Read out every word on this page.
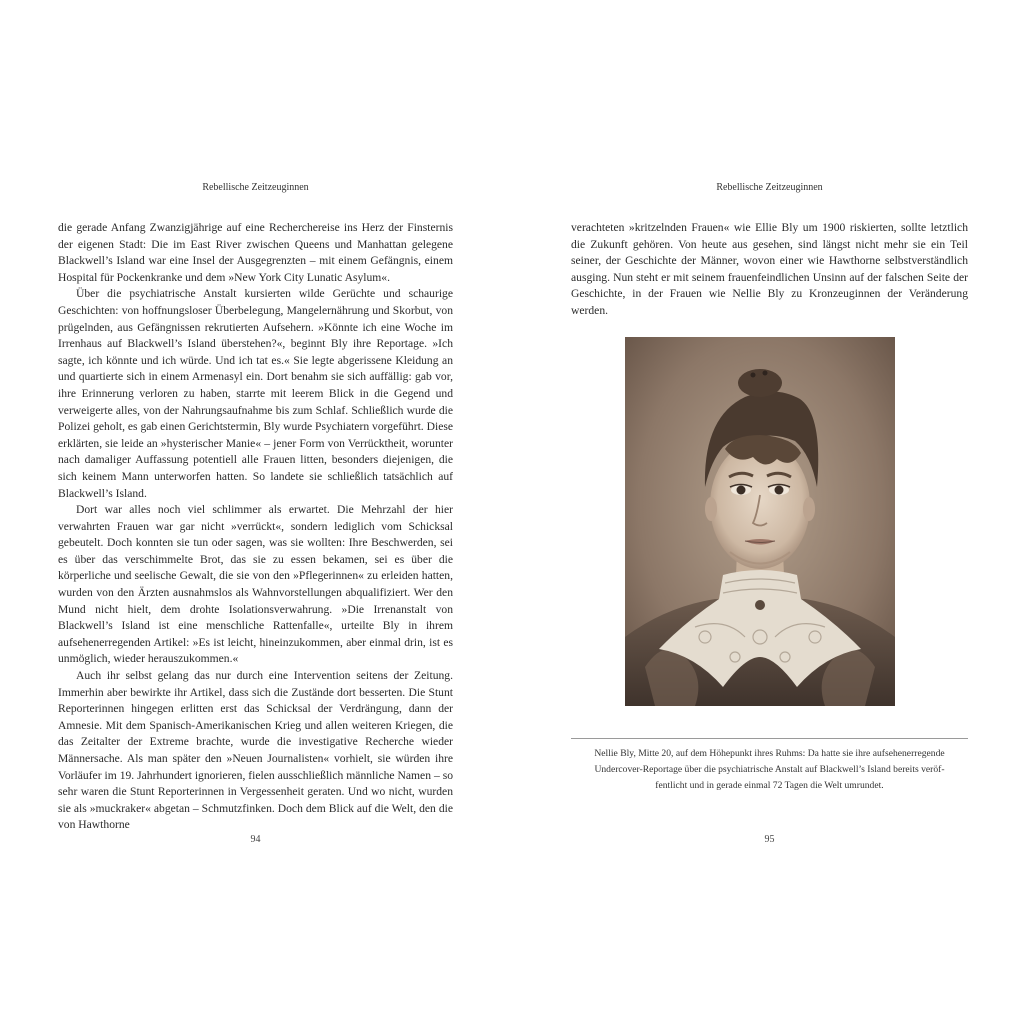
Rebellische Zeitzeuginnen

die gerade Anfang Zwanzigjährige auf eine Recherchereise ins Herz der Finsternis der eigenen Stadt: Die im East River zwischen Queens und Manhattan gelegene Blackwell’s Island war eine Insel der Ausgegrenzten – mit einem Gefängnis, einem Hospital für Pockenkranke und dem »New York City Lunatic Asylum«.

Über die psychiatrische Anstalt kursierten wilde Gerüchte und schaurige Geschichten: von hoffnungsloser Überbelegung, Mangelernährung und Skorbut, von prügelnden, aus Gefängnissen rekrutierten Aufsehern. »Könnte ich eine Woche im Irrenhaus auf Blackwell’s Island überstehen?«, beginnt Bly ihre Reportage. »Ich sagte, ich könnte und ich würde. Und ich tat es.« Sie legte abgerissene Kleidung an und quartierte sich in einem Armenasyl ein. Dort benahm sie sich auffällig: gab vor, ihre Erinnerung verloren zu haben, starrte mit leerem Blick in die Gegend und verweigerte alles, von der Nahrungsaufnahme bis zum Schlaf. Schließlich wurde die Polizei geholt, es gab einen Gerichtstermin, Bly wurde Psychiatern vorgeführt. Diese erklärten, sie leide an »hysterischer Manie« – jener Form von Verrücktheit, worunter nach damaliger Auffassung potentiell alle Frauen litten, besonders diejenigen, die sich keinem Mann unterworfen hatten. So landete sie schließlich tatsächlich auf Blackwell’s Island.

Dort war alles noch viel schlimmer als erwartet. Die Mehrzahl der hier verwahrten Frauen war gar nicht »verrückt«, sondern lediglich vom Schicksal gebeutelt. Doch konnten sie tun oder sagen, was sie wollten: Ihre Beschwerden, sei es über das verschimmelte Brot, das sie zu essen bekamen, sei es über die körperliche und seelische Gewalt, die sie von den »Pflegerinnen« zu erleiden hatten, wurden von den Ärzten ausnahmslos als Wahnvorstellungen abqualifiziert. Wer den Mund nicht hielt, dem drohte Isolationsverwahrung. »Die Irrenanstalt von Blackwell’s Island ist eine menschliche Rattenfalle«, urteilte Bly in ihrem aufsehenerregenden Artikel: »Es ist leicht, hineinzukommen, aber einmal drin, ist es unmöglich, wieder herauszukommen.«

Auch ihr selbst gelang das nur durch eine Intervention seitens der Zeitung. Immerhin aber bewirkte ihr Artikel, dass sich die Zustände dort besserten. Die Stunt Reporterinnen hingegen erlitten erst das Schicksal der Verdrängung, dann der Amnesie. Mit dem Spanisch-Amerikanischen Krieg und allen weiteren Kriegen, die das Zeitalter der Extreme brachte, wurde die investigative Recherche wieder Männersache. Als man später den »Neuen Journalisten« vorhielt, sie würden ihre Vorläufer im 19. Jahrhundert ignorieren, fielen ausschließlich männliche Namen – so sehr waren die Stunt Reporterinnen in Vergessenheit geraten. Und wo nicht, wurden sie als »muckraker« abgetan – Schmutzfinken. Doch dem Blick auf die Welt, den die von Hawthorne

94
Rebellische Zeitzeuginnen

verachteten »kritzelnden Frauen« wie Ellie Bly um 1900 riskierten, sollte letztlich die Zukunft gehören. Von heute aus gesehen, sind längst nicht mehr sie ein Teil seiner, der Geschichte der Männer, wovon einer wie Hawthorne selbstverständlich ausging. Nun steht er mit seinem frauenfeindlichen Unsinn auf der falschen Seite der Geschichte, in der Frauen wie Nellie Bly zu Kronzeuginnen der Veränderung werden.

Nellie Bly, Mitte 20, auf dem Höhepunkt ihres Ruhms: Da hatte sie ihre aufsehenerregende
Undercover-Reportage über die psychiatrische Anstalt auf Blackwell’s Island bereits veröf-
fentlicht und in gerade einmal 72 Tagen die Welt umrundet.
95
